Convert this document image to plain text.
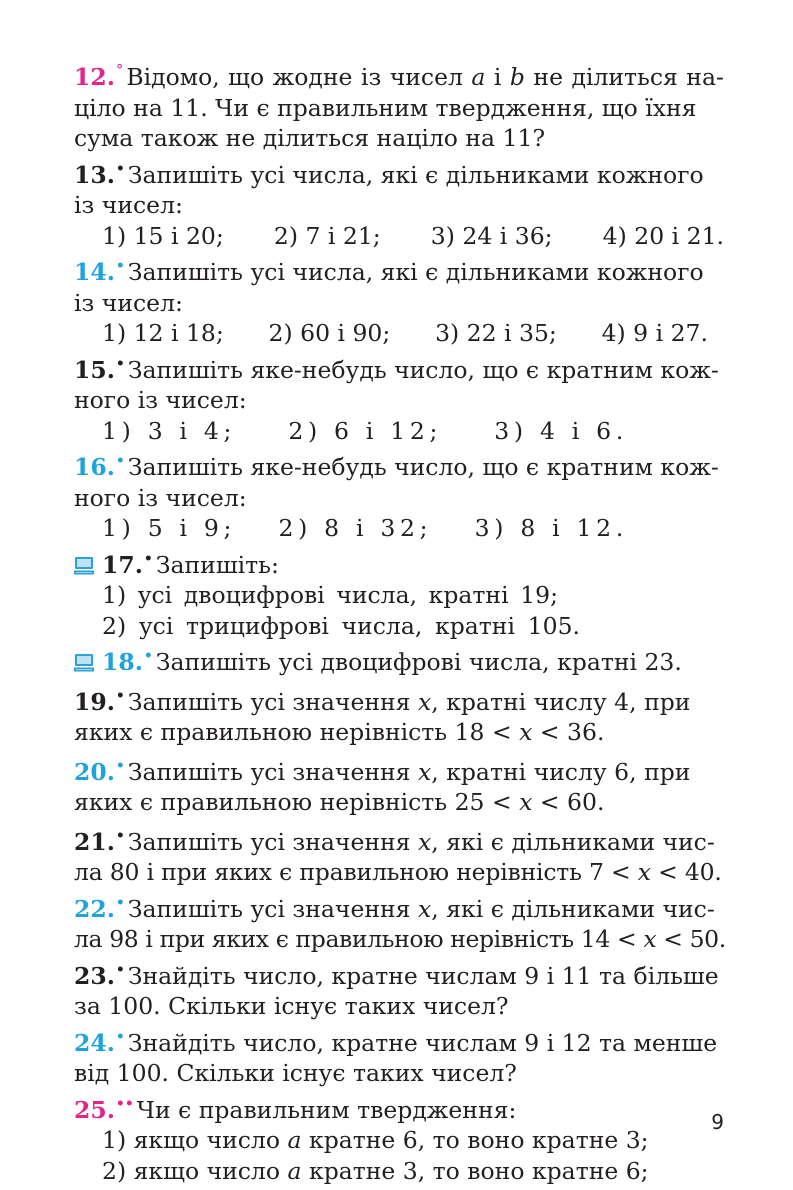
12.° Відомо, що жодне із чисел a і b не ділиться на-
ціло на 11. Чи є правильним твердження, що їхня
сума також не ділиться націло на 11?
13.• Запишіть усі числа, які є дільниками кожного
із чисел:
1) 15 і 20; 2) 7 і 21; 3) 24 і 36; 4) 20 і 21.
14.• Запишіть усі числа, які є дільниками кожного
із чисел:
1) 12 і 18; 2) 60 і 90; 3) 22 і 35; 4) 9 і 27.
15.• Запишіть яке-небудь число, що є кратним кож-
ного із чисел:
1) 3 і 4; 2) 6 і 12; 3) 4 і 6.
16.• Запишіть яке-небудь число, що є кратним кож-
ного із чисел:
1) 5 і 9; 2) 8 і 32; 3) 8 і 12.
17.• Запишіть:
1) усі двоцифрові числа, кратні 19;
2) усі трицифрові числа, кратні 105.
18.• Запишіть усі двоцифрові числа, кратні 23.
19.• Запишіть усі значення x, кратні числу 4, при
яких є правильною нерівність 18 < x < 36.
20.• Запишіть усі значення x, кратні числу 6, при
яких є правильною нерівність 25 < x < 60.
21.• Запишіть усі значення x, які є дільниками чис-
ла 80 і при яких є правильною нерівність 7 < x < 40.
22.• Запишіть усі значення x, які є дільниками чис-
ла 98 і при яких є правильною нерівність 14 < x < 50.
23.• Знайдіть число, кратне числам 9 і 11 та більше
за 100. Скільки існує таких чисел?
24.• Знайдіть число, кратне числам 9 і 12 та менше
від 100. Скільки існує таких чисел?
25.•• Чи є правильним твердження:
1) якщо число
a
кратне 6, то воно кратне 3;
2) якщо число
a
кратне 3, то воно кратне 6;
9
